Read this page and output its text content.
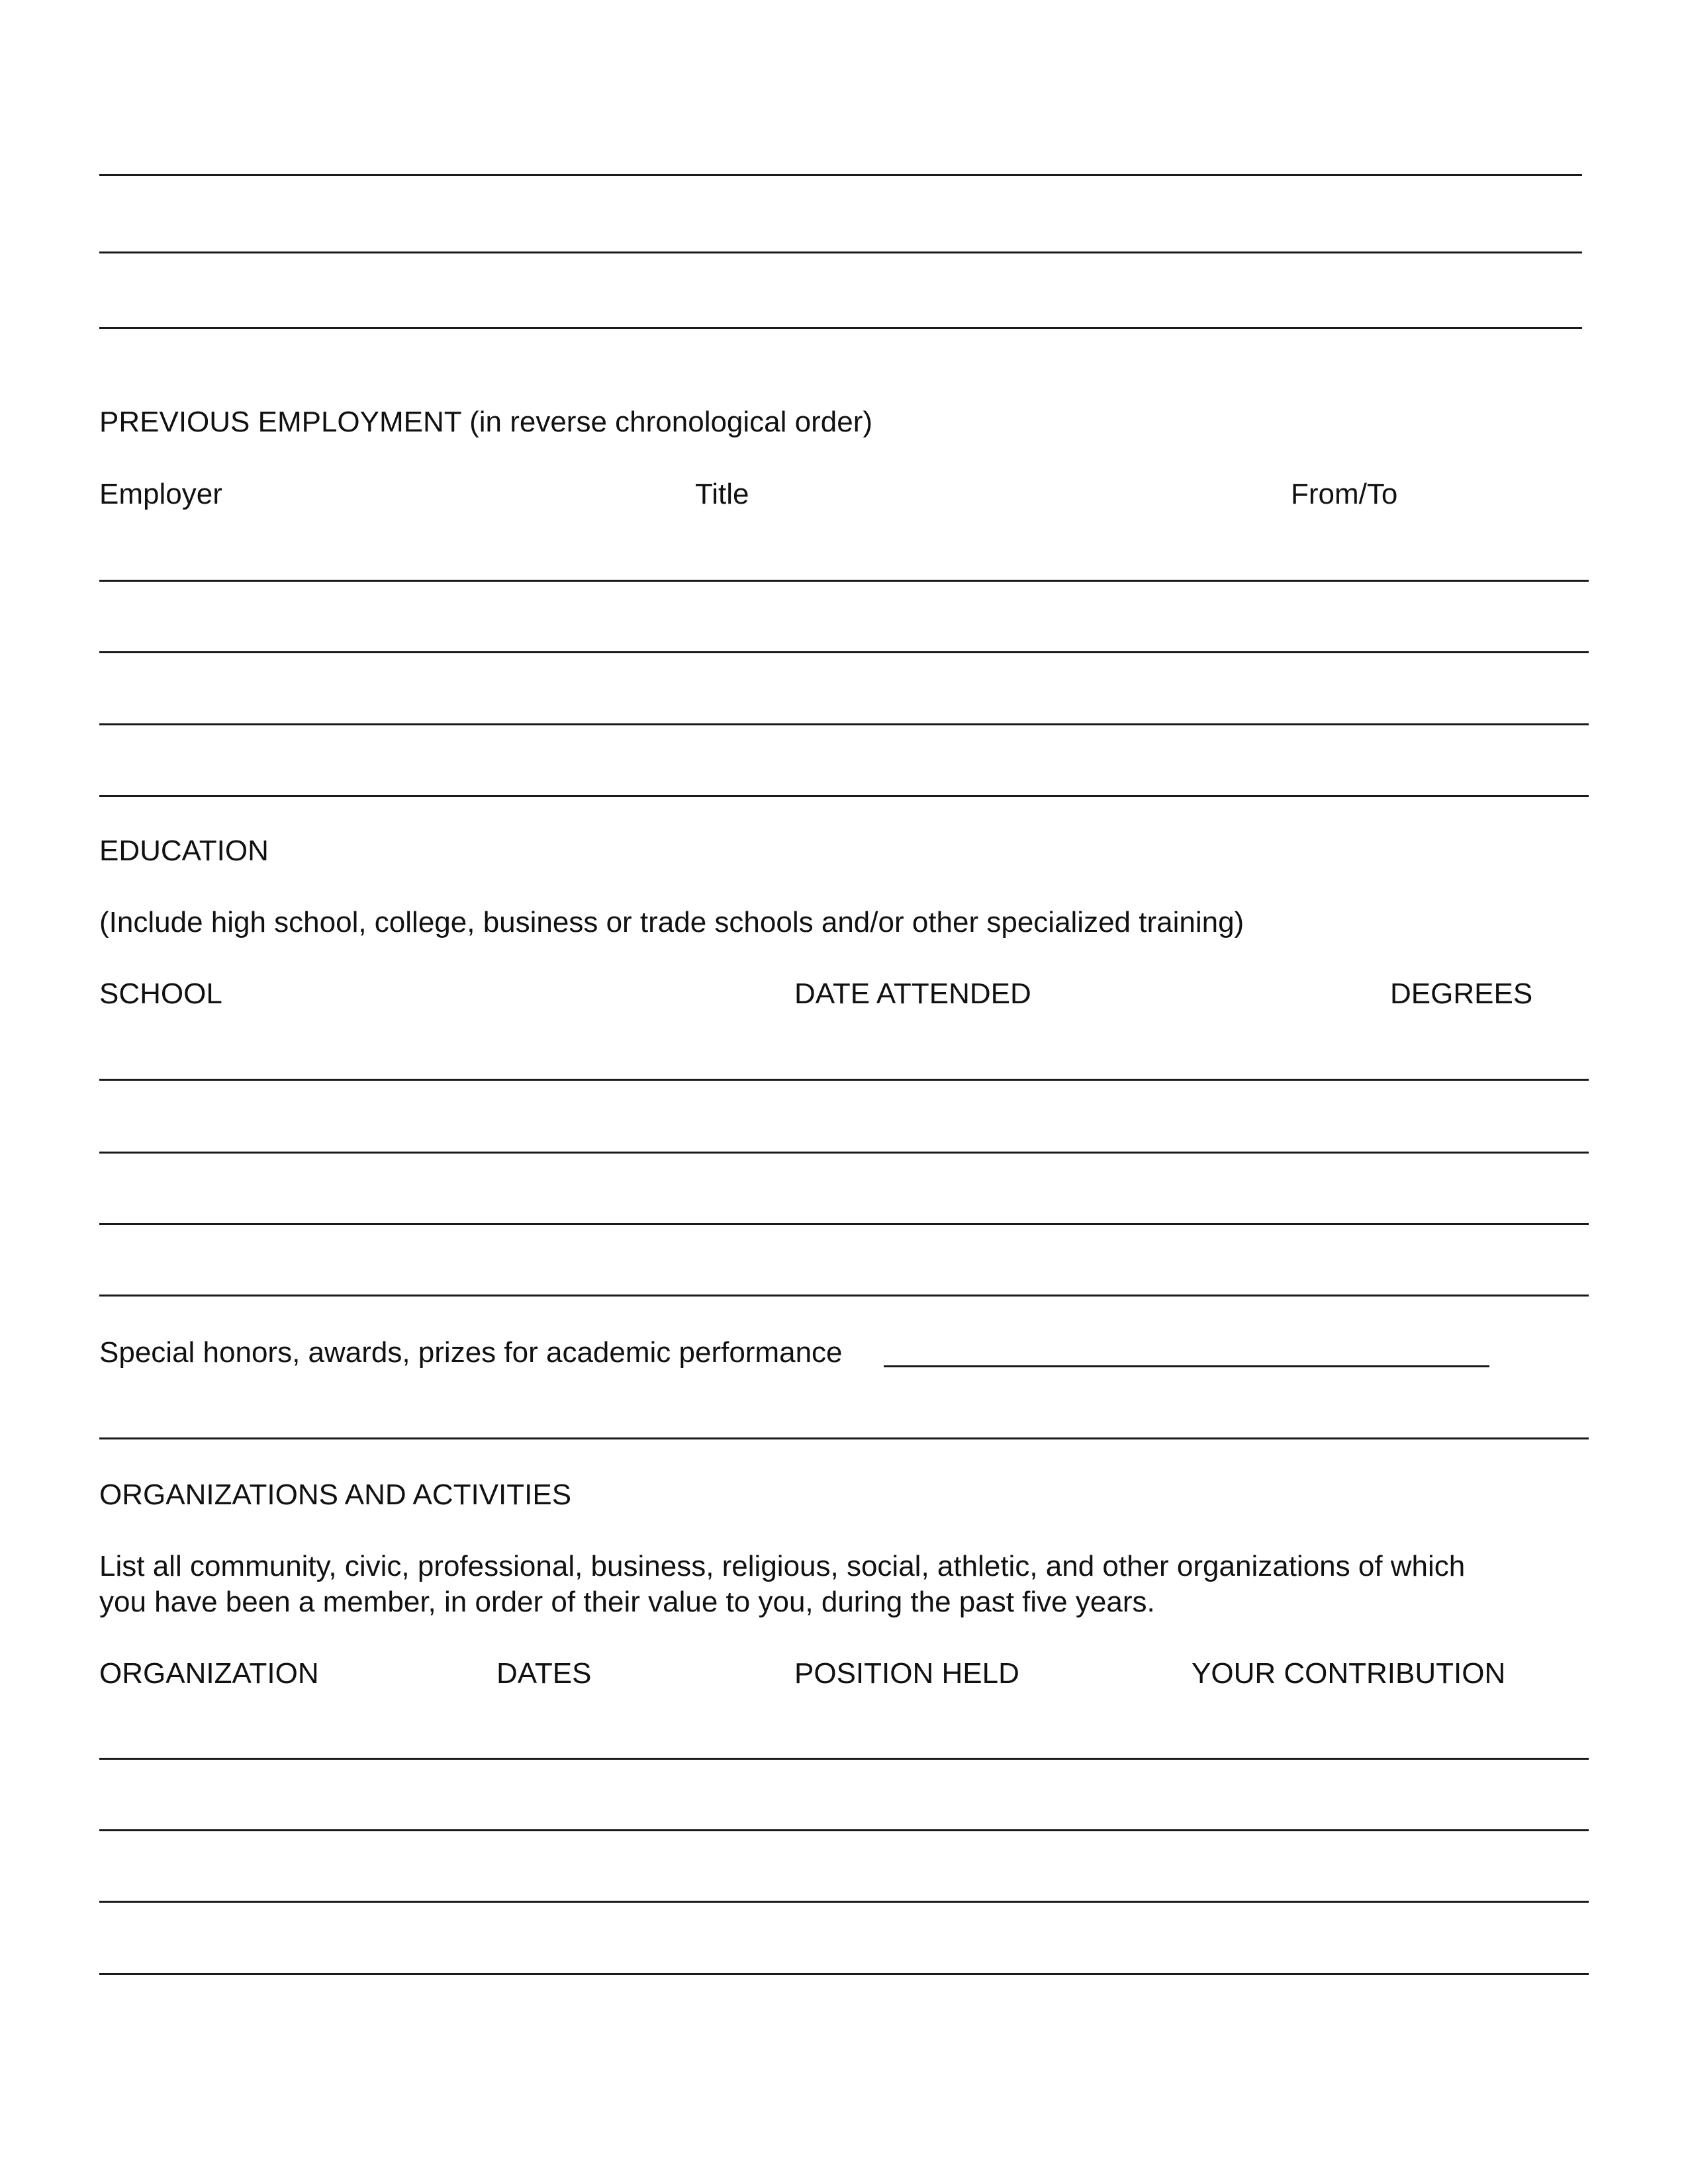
PREVIOUS EMPLOYMENT (in reverse chronological order)
Employer	Title	From/To
EDUCATION
(Include high school, college, business or trade schools and/or other specialized training)
SCHOOL	DATE ATTENDED	DEGREES
Special honors, awards, prizes for academic performance
ORGANIZATIONS AND ACTIVITIES
List all community, civic, professional, business, religious, social, athletic, and other organizations of which
you have been a member, in order of their value to you, during the past five years.
ORGANIZATION	DATES	POSITION HELD	YOUR CONTRIBUTION
